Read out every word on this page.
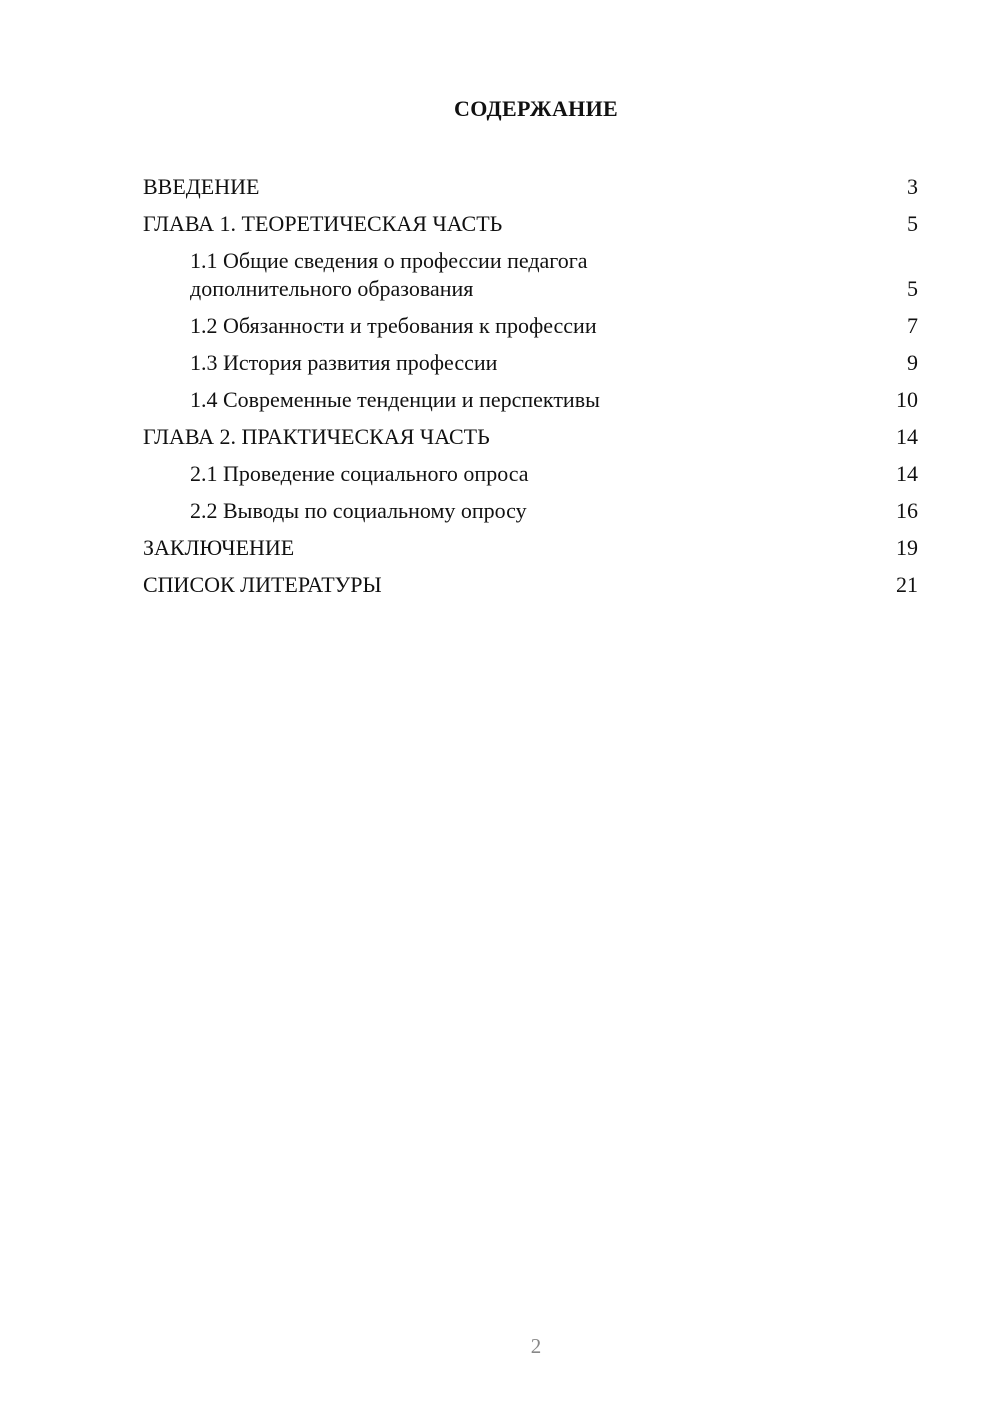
СОДЕРЖАНИЕ
ВВЕДЕНИЕ	3
ГЛАВА 1. ТЕОРЕТИЧЕСКАЯ ЧАСТЬ	5
1.1 Общие сведения о профессии педагога дополнительного образования	5
1.2 Обязанности и требования к профессии	7
1.3 История развития профессии	9
1.4 Современные тенденции и перспективы	10
ГЛАВА 2. ПРАКТИЧЕСКАЯ ЧАСТЬ	14
2.1 Проведение социального опроса	14
2.2 Выводы по социальному опросу	16
ЗАКЛЮЧЕНИЕ	19
СПИСОК ЛИТЕРАТУРЫ	21
2
